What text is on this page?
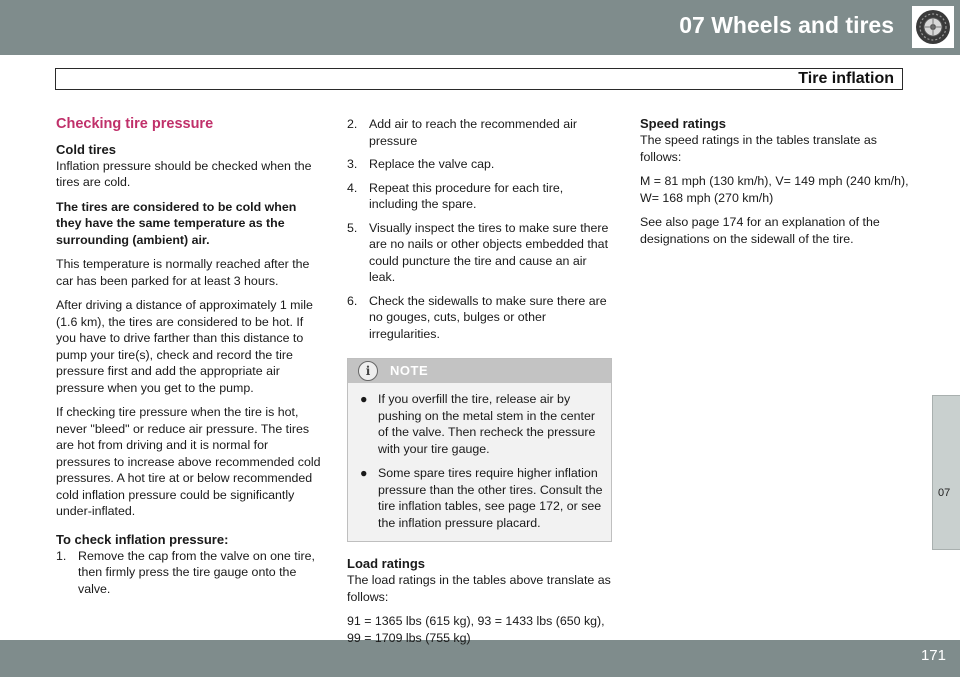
07 Wheels and tires
Tire inflation
07
171
Checking tire pressure
Cold tires

Inflation pressure should be checked when the tires are cold.

The tires are considered to be cold when they have the same temperature as the surrounding (ambient) air.

This temperature is normally reached after the car has been parked for at least 3 hours.

After driving a distance of approximately 1 mile (1.6 km), the tires are considered to be hot. If you have to drive farther than this distance to pump your tire(s), check and record the tire pressure first and add the appropriate air pressure when you get to the pump.

If checking tire pressure when the tire is hot, never "bleed" or reduce air pressure. The tires are hot from driving and it is normal for pressures to increase above recommended cold pressures. A hot tire at or below recommended cold inflation pressure could be significantly under-inflated.

To check inflation pressure:
1. Remove the cap from the valve on one tire, then firmly press the tire gauge onto the valve.
2. Add air to reach the recommended air pressure
3. Replace the valve cap.
4. Repeat this procedure for each tire, including the spare.
5. Visually inspect the tires to make sure there are no nails or other objects embedded that could puncture the tire and cause an air leak.
6. Check the sidewalls to make sure there are no gouges, cuts, bulges or other irregularities.
i	NOTE
● If you overfill the tire, release air by pushing on the metal stem in the center of the valve. Then recheck the pressure with your tire gauge.
● Some spare tires require higher inflation pressure than the other tires. Consult the tire inflation tables, see page 172, or see the inflation pressure placard.
Load ratings

The load ratings in the tables above translate as follows:

91 = 1365 lbs (615 kg), 93 = 1433 lbs (650 kg), 99 = 1709 lbs (755 kg)

Speed ratings

The speed ratings in the tables translate as follows:

M = 81 mph (130 km/h), V= 149 mph (240 km/h), W= 168 mph (270 km/h)

See also page 174 for an explanation of the designations on the sidewall of the tire.
